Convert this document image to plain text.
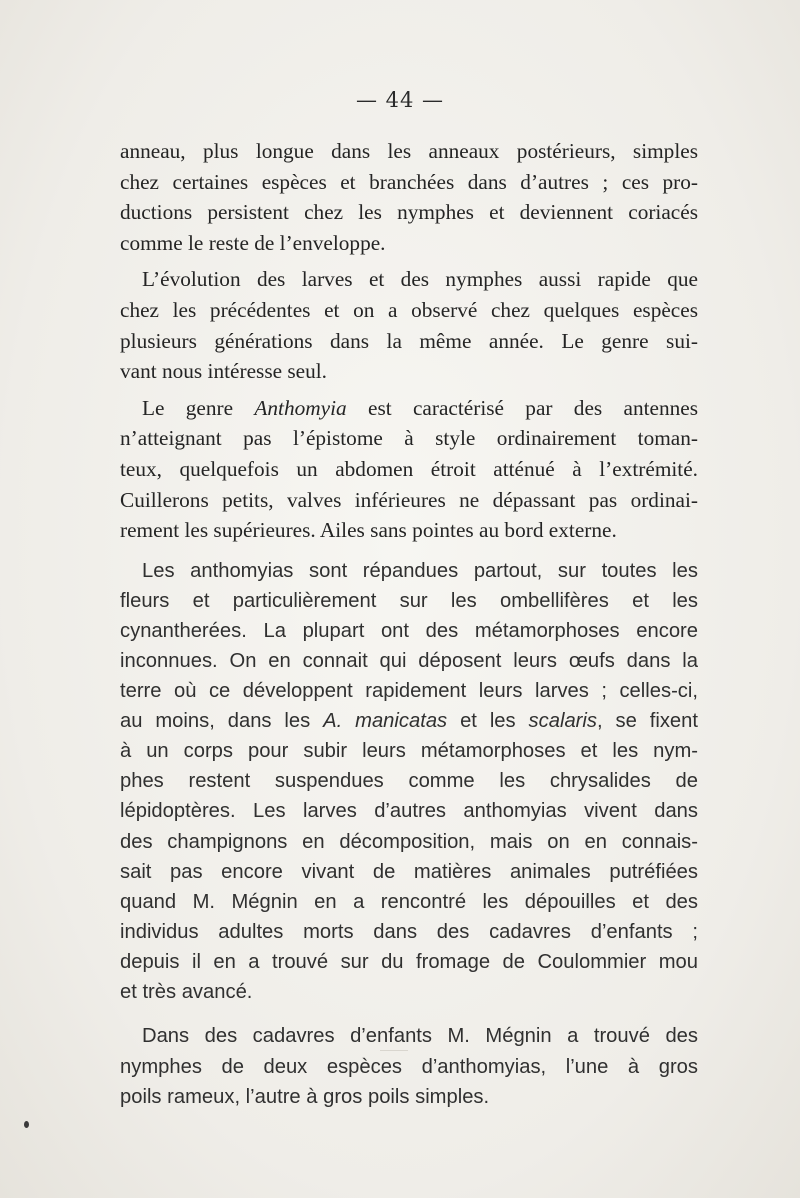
— 44 —

anneau, plus longue dans les anneaux postérieurs, simples
chez certaines espèces et branchées dans d’autres ; ces pro-
ductions persistent chez les nymphes et deviennent coriacés
comme le reste de l’enveloppe.

L’évolution des larves et des nymphes aussi rapide que
chez les précédentes et on a observé chez quelques espèces
plusieurs générations dans la même année. Le genre sui-
vant nous intéresse seul.

Le genre Anthomyia est caractérisé par des antennes
n’atteignant pas l’épistome à style ordinairement toman-
teux, quelquefois un abdomen étroit atténué à l’extrémité.
Cuillerons petits, valves inférieures ne dépassant pas ordinai-
rement les supérieures. Ailes sans pointes au bord externe.

Les anthomyias sont répandues partout, sur toutes les
fleurs et particulièrement sur les ombellifères et les
cynantherées. La plupart ont des métamorphoses encore
inconnues. On en connait qui déposent leurs œufs dans la
terre où ce développent rapidement leurs larves ; celles-ci,
au moins, dans les A. manicatas et les scalaris, se fixent
à un corps pour subir leurs métamorphoses et les nym-
phes restent suspendues comme les chrysalides de
lépidoptères. Les larves d’autres anthomyias vivent dans
des champignons en décomposition, mais on en connais-
sait pas encore vivant de matières animales putréfiées
quand M. Mégnin en a rencontré les dépouilles et des
individus adultes morts dans des cadavres d’enfants ;
depuis il en a trouvé sur du fromage de Coulommier mou
et très avancé.

Dans des cadavres d’enfants M. Mégnin a trouvé des
nymphes de deux espèces d’anthomyias, l’une à gros
poils rameux, l’autre à gros poils simples.
